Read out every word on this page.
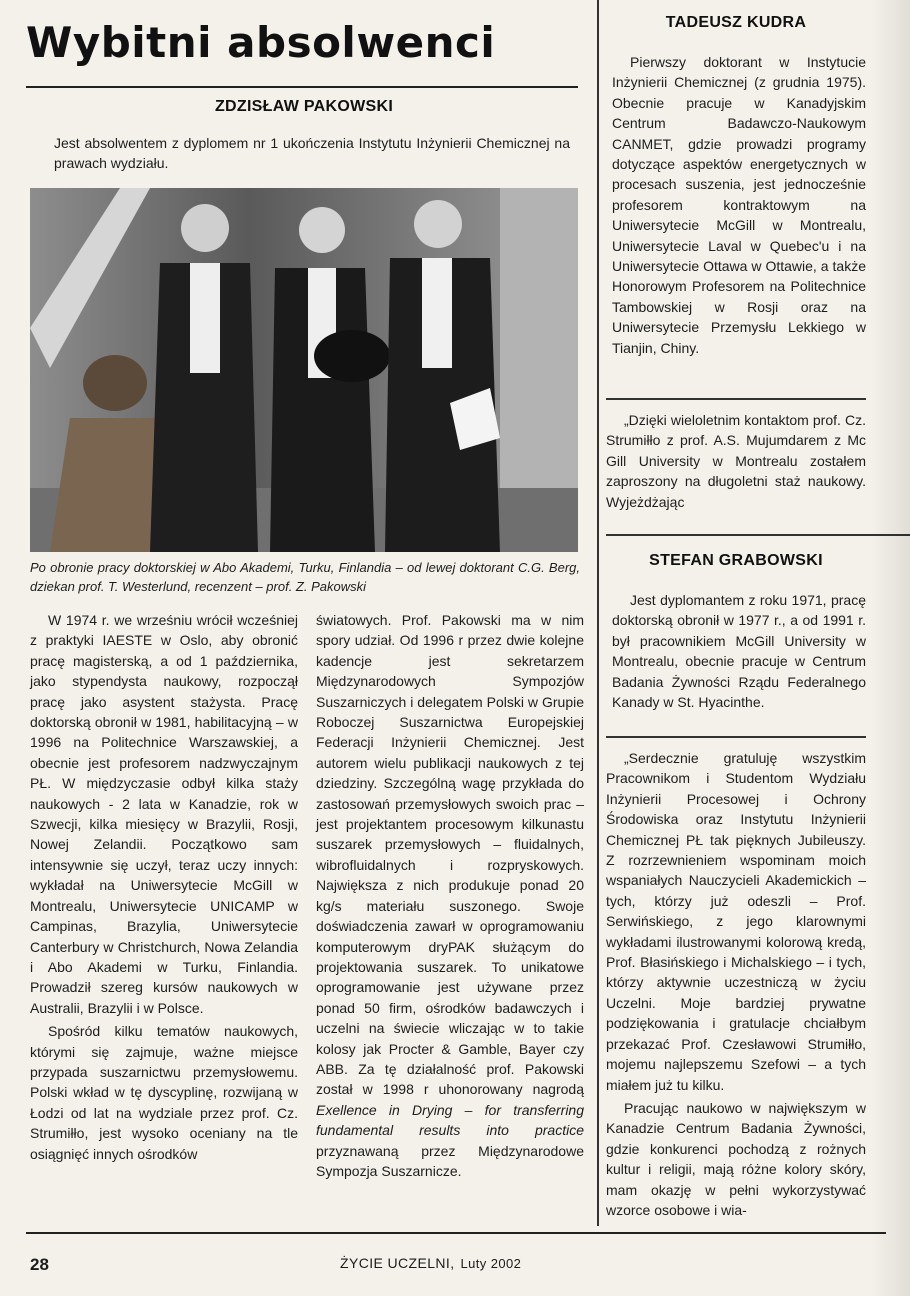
Wybitni absolwenci
ZDZISŁAW PAKOWSKI

Jest absolwentem z dyplomem nr 1 ukończenia Instytutu Inżynierii Chemicznej na prawach wydziału.

Po obronie pracy doktorskiej w Abo Akademi, Turku, Finlandia – od lewej doktorant C.G. Berg, dziekan prof. T. Westerlund, recenzent – prof. Z. Pakowski

W 1974 r. we wrześniu wrócił wcześniej z praktyki IAESTE w Oslo, aby obronić pracę magisterską, a od 1 października, jako stypendysta naukowy, rozpoczął pracę jako asystent stażysta. Pracę doktorską obronił w 1981, habilitacyjną – w 1996 na Politechnice Warszawskiej, a obecnie jest profesorem nadzwyczajnym PŁ. W międzyczasie odbył kilka staży naukowych - 2 lata w Kanadzie, rok w Szwecji, kilka miesięcy w Brazylii, Rosji, Nowej Zelandii. Początkowo sam intensywnie się uczył, teraz uczy innych: wykładał na Uniwersytecie McGill w Montrealu, Uniwersytecie UNICAMP w Campinas, Brazylia, Uniwersytecie Canterbury w Christchurch, Nowa Zelandia i Abo Akademi w Turku, Finlandia. Prowadził szereg kursów naukowych w Australii, Brazylii i w Polsce.

Spośród kilku tematów naukowych, którymi się zajmuje, ważne miejsce przypada suszarnictwu przemysłowemu. Polski wkład w tę dyscyplinę, rozwijaną w Łodzi od lat na wydziale przez prof. Cz. Strumiłło, jest wysoko oceniany na tle osiągnięć innych ośrodków

światowych. Prof. Pakowski ma w nim spory udział. Od 1996 r przez dwie kolejne kadencje jest sekretarzem Międzynarodowych Sympozjów Suszarniczych i delegatem Polski w Grupie Roboczej Suszarnictwa Europejskiej Federacji Inżynierii Chemicznej. Jest autorem wielu publikacji naukowych z tej dziedziny. Szczególną wagę przykłada do zastosowań przemysłowych swoich prac – jest projektantem procesowym kilkunastu suszarek przemysłowych – fluidalnych, wibrofluidalnych i rozpryskowych. Największa z nich produkuje ponad 20 kg/s materiału suszonego. Swoje doświadczenia zawarł w oprogramowaniu komputerowym dryPAK służącym do projektowania suszarek. To unikatowe oprogramowanie jest używane przez ponad 50 firm, ośrodków badawczych i uczelni na świecie wliczając w to takie kolosy jak Procter & Gamble, Bayer czy ABB. Za tę działalność prof. Pakowski został w 1998 r uhonorowany nagrodą Exellence in Drying – for transferring fundamental results into practice przyznawaną przez Międzynarodowe Sympozja Suszarnicze.

TADEUSZ KUDRA

Pierwszy doktorant w Instytucie Inżynierii Chemicznej (z grudnia 1975). Obecnie pracuje w Kanadyjskim Centrum Badawczo-Naukowym CANMET, gdzie prowadzi programy dotyczące aspektów energetycznych w procesach suszenia, jest jednocześnie profesorem kontraktowym na Uniwersytecie McGill w Montrealu, Uniwersytecie Laval w Quebec'u i na Uniwersytecie Ottawa w Ottawie, a także Honorowym Profesorem na Politechnice Tambowskiej w Rosji oraz na Uniwersytecie Przemysłu Lekkiego w Tianjin, Chiny.

„Dzięki wieloletnim kontaktom prof. Cz. Strumiłło z prof. A.S. Mujumdarem z Mc Gill University w Montrealu zostałem zaproszony na długoletni staż naukowy. Wyjeżdżając

STEFAN GRABOWSKI

Jest dyplomantem z roku 1971, pracę doktorską obronił w 1977 r., a od 1991 r. był pracownikiem McGill University w Montrealu, obecnie pracuje w Centrum Badania Żywności Rządu Federalnego Kanady w St. Hyacinthe.

„Serdecznie gratuluję wszystkim Pracownikom i Studentom Wydziału Inżynierii Procesowej i Ochrony Środowiska oraz Instytutu Inżynierii Chemicznej PŁ tak pięknych Jubileuszy. Z rozrzewnieniem wspominam moich wspaniałych Nauczycieli Akademickich – tych, którzy już odeszli – Prof. Serwińskiego, z jego klarownymi wykładami ilustrowanymi kolorową kredą, Prof. Błasińskiego i Michalskiego – i tych, którzy aktywnie uczestniczą w życiu Uczelni. Moje bardziej prywatne podziękowania i gratulacje chciałbym przekazać Prof. Czesławowi Strumiłło, mojemu najlepszemu Szefowi – a tych miałem już tu kilku.

Pracując naukowo w największym w Kanadzie Centrum Badania Żywności, gdzie konkurenci pochodzą z rożnych kultur i religii, mają różne kolory skóry, mam okazję w pełni wykorzystywać wzorce osobowe i wia-

28	ŻYCIE UCZELNI, Luty 2002
